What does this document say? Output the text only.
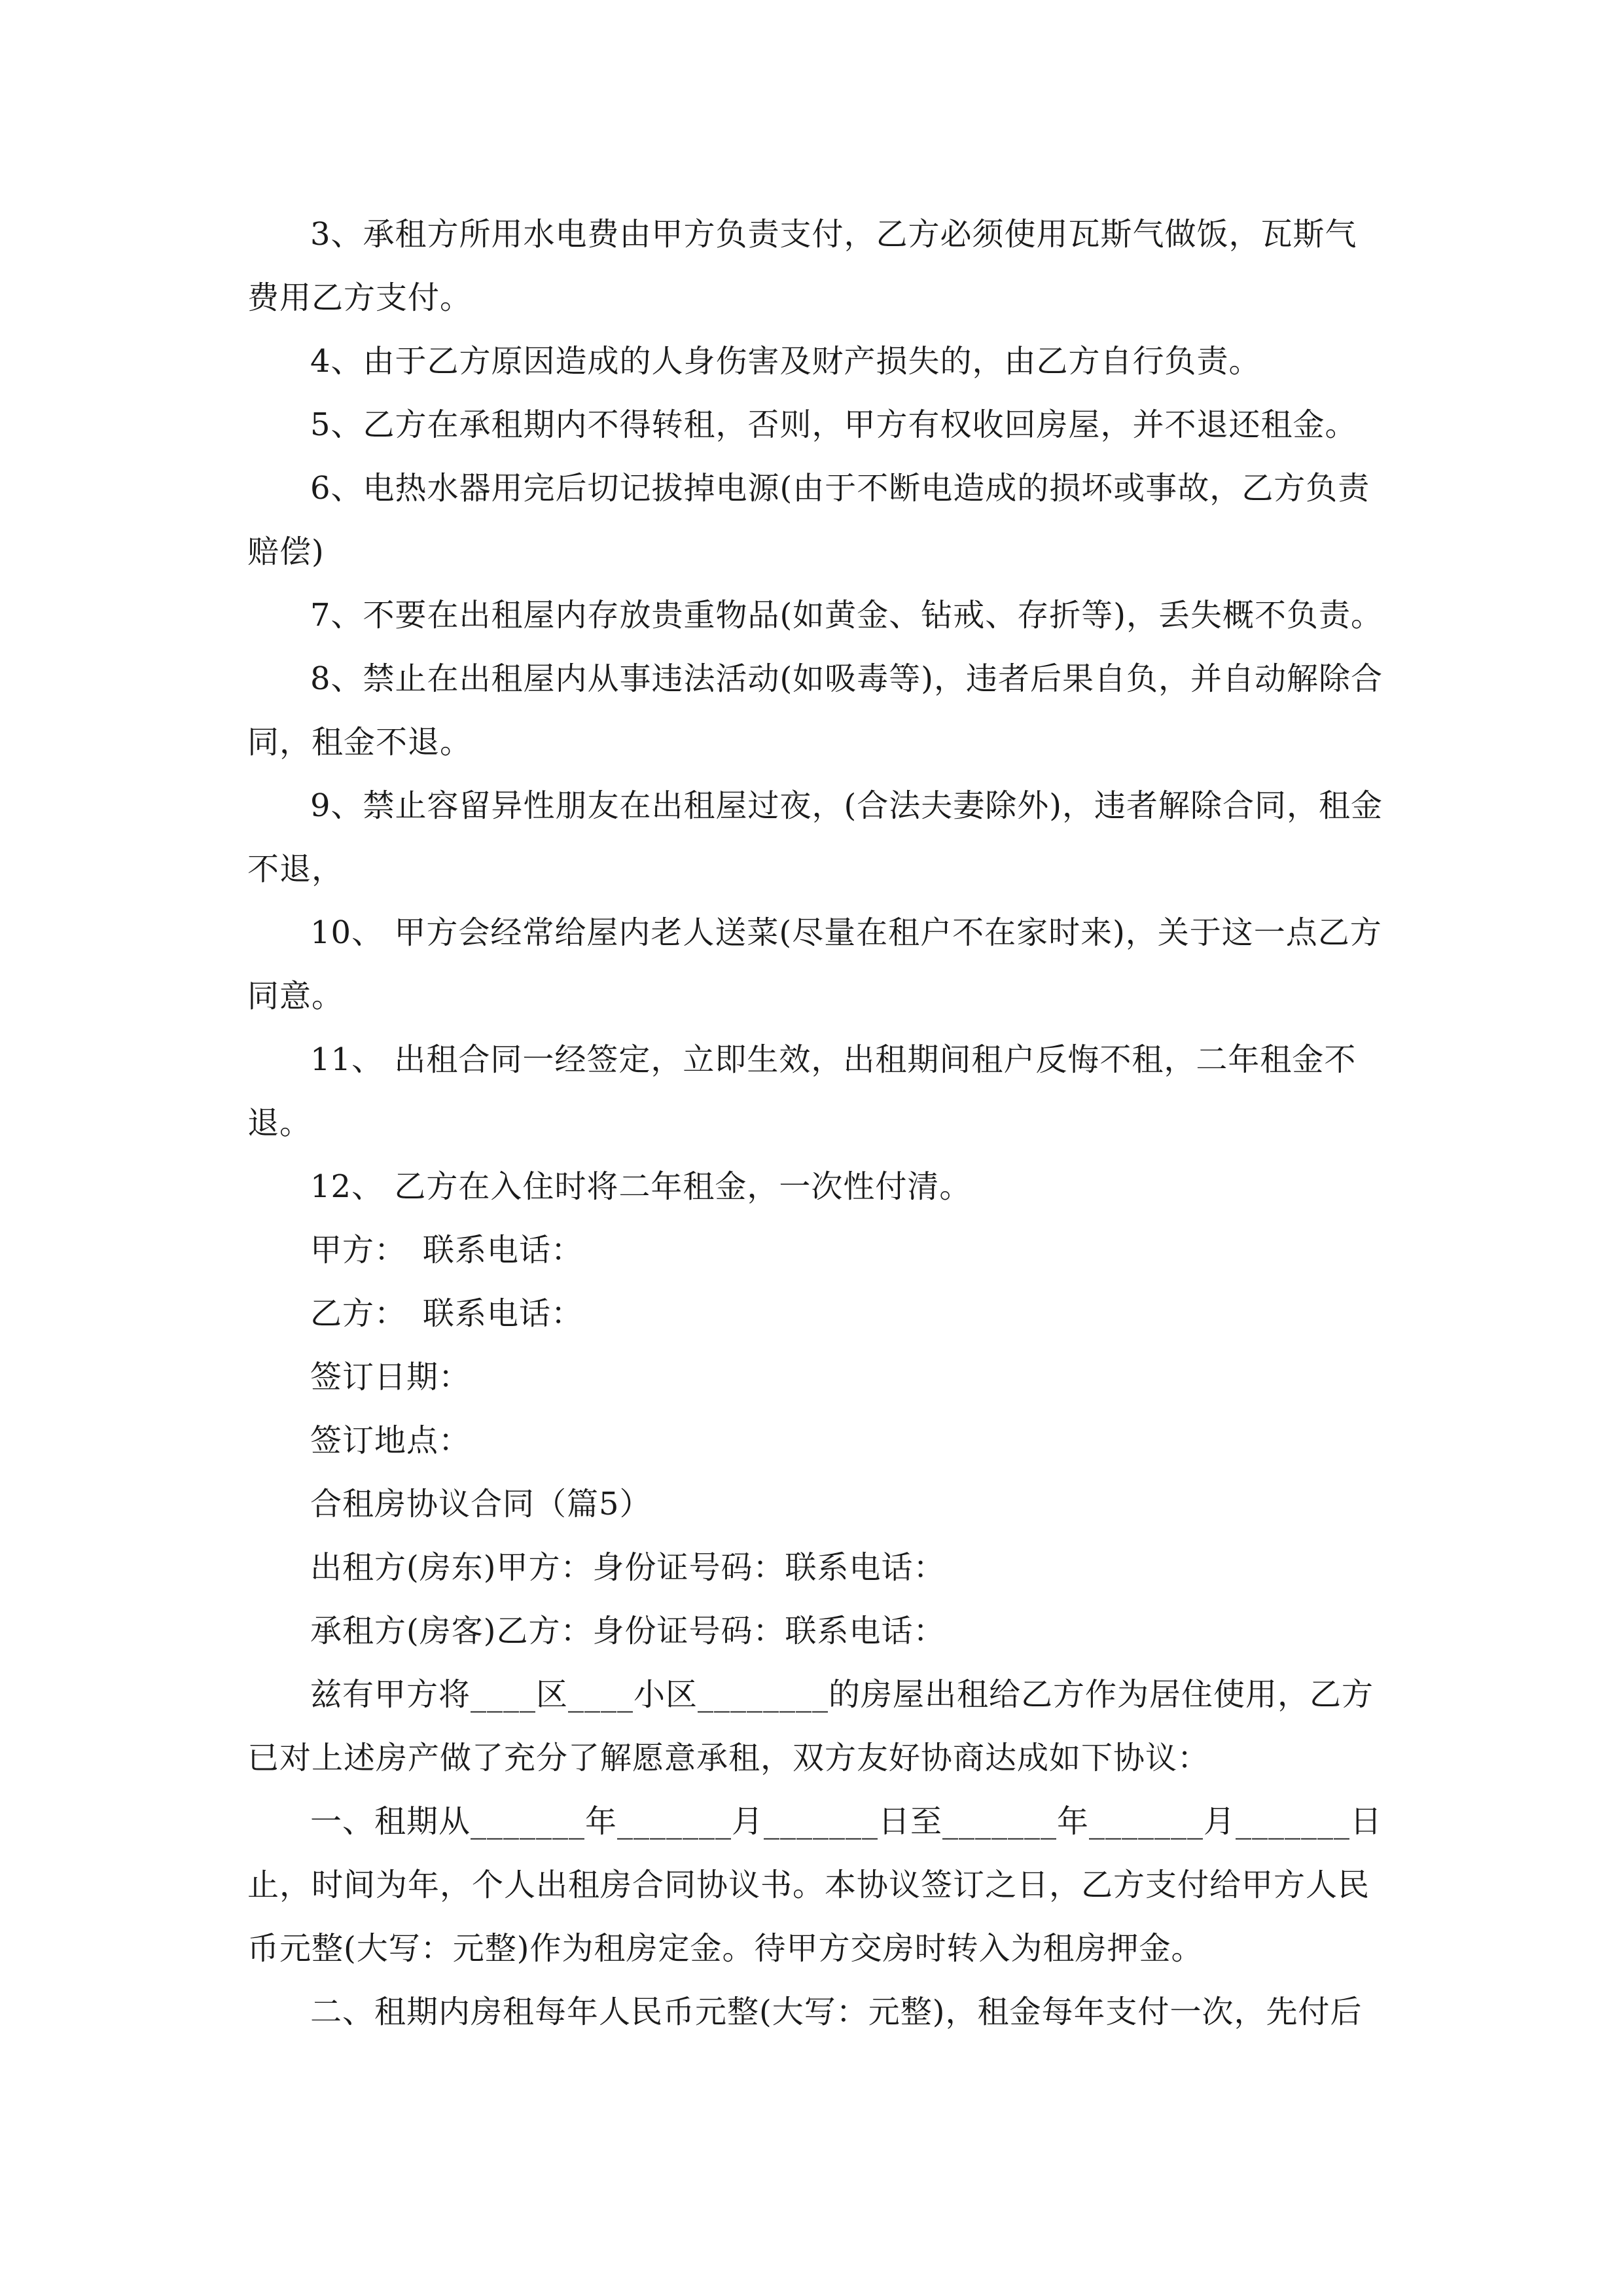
3、承租方所用水电费由甲方负责支付，乙方必须使用瓦斯气做饭，瓦斯气费用乙方支付。

4、由于乙方原因造成的人身伤害及财产损失的，由乙方自行负责。

5、乙方在承租期内不得转租，否则，甲方有权收回房屋，并不退还租金。

6、电热水器用完后切记拔掉电源(由于不断电造成的损坏或事故，乙方负责赔偿)

7、不要在出租屋内存放贵重物品(如黄金、钻戒、存折等)，丢失概不负责。

8、禁止在出租屋内从事违法活动(如吸毒等)，违者后果自负，并自动解除合同，租金不退。

9、禁止容留异性朋友在出租屋过夜，(合法夫妻除外)，违者解除合同，租金不退，

10、 甲方会经常给屋内老人送菜(尽量在租户不在家时来)，关于这一点乙方同意。

11、 出租合同一经签定，立即生效，出租期间租户反悔不租，二年租金不退。

12、 乙方在入住时将二年租金，一次性付清。

甲方：　联系电话：

乙方：　联系电话：

签订日期：

签订地点：

合租房协议合同（篇5）

出租方(房东)甲方：身份证号码：联系电话：

承租方(房客)乙方：身份证号码：联系电话：

兹有甲方将____区____小区________的房屋出租给乙方作为居住使用，乙方已对上述房产做了充分了解愿意承租，双方友好协商达成如下协议：

一、租期从_______年_______月_______日至_______年_______月_______日止，时间为年，个人出租房合同协议书。本协议签订之日，乙方支付给甲方人民币元整(大写：元整)作为租房定金。待甲方交房时转入为租房押金。

二、租期内房租每年人民币元整(大写：元整)，租金每年支付一次，先付后
